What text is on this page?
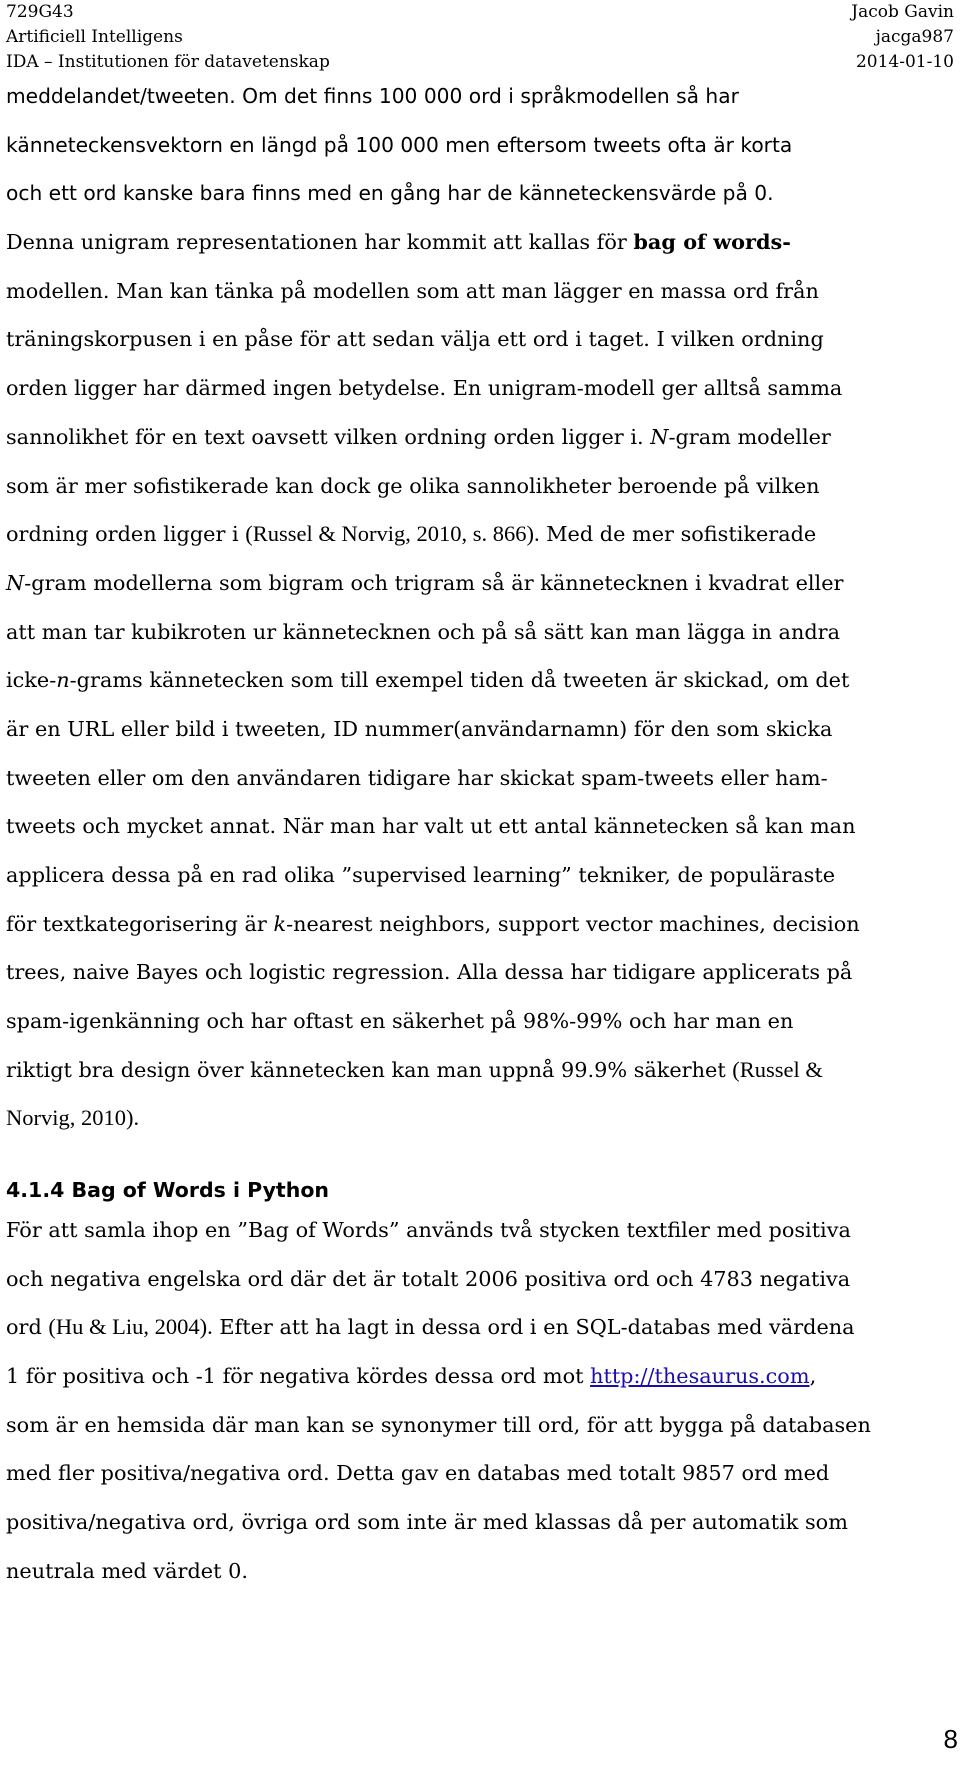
729G43	Jacob Gavin
Artificiell Intelligens	jacga987
IDA – Institutionen för datavetenskap	2014-01-10
meddelandet/tweeten. Om det finns 100 000 ord i språkmodellen så har
känneteckensvektorn en längd på 100 000 men eftersom tweets ofta är korta
och ett ord kanske bara finns med en gång har de känneteckensvärde på 0.
Denna unigram representationen har kommit att kallas för bag of words-
modellen. Man kan tänka på modellen som att man lägger en massa ord från
träningskorpusen i en påse för att sedan välja ett ord i taget. I vilken ordning
orden ligger har därmed ingen betydelse. En unigram-modell ger alltså samma
sannolikhet för en text oavsett vilken ordning orden ligger i. N-gram modeller
som är mer sofistikerade kan dock ge olika sannolikheter beroende på vilken
ordning orden ligger i (Russel & Norvig, 2010, s. 866). Med de mer sofistikerade
N-gram modellerna som bigram och trigram så är kännetecknen i kvadrat eller
att man tar kubikroten ur kännetecknen och på så sätt kan man lägga in andra
icke-n-grams kännetecken som till exempel tiden då tweeten är skickad, om det
är en URL eller bild i tweeten, ID nummer(användarnamn) för den som skicka
tweeten eller om den användaren tidigare har skickat spam-tweets eller ham-
tweets och mycket annat. När man har valt ut ett antal kännetecken så kan man
applicera dessa på en rad olika ”supervised learning” tekniker, de populäraste
för textkategorisering är k-nearest neighbors, support vector machines, decision
trees, naive Bayes och logistic regression. Alla dessa har tidigare applicerats på
spam-igenkänning och har oftast en säkerhet på 98%-99% och har man en
riktigt bra design över kännetecken kan man uppnå 99.9% säkerhet (Russel &
Norvig, 2010).
4.1.4 Bag of Words i Python
För att samla ihop en ”Bag of Words” används två stycken textfiler med positiva
och negativa engelska ord där det är totalt 2006 positiva ord och 4783 negativa
ord (Hu & Liu, 2004). Efter att ha lagt in dessa ord i en SQL-databas med värdena
1 för positiva och -1 för negativa kördes dessa ord mot http://thesaurus.com,
som är en hemsida där man kan se synonymer till ord, för att bygga på databasen
med fler positiva/negativa ord. Detta gav en databas med totalt 9857 ord med
positiva/negativa ord, övriga ord som inte är med klassas då per automatik som
neutrala med värdet 0.
8
